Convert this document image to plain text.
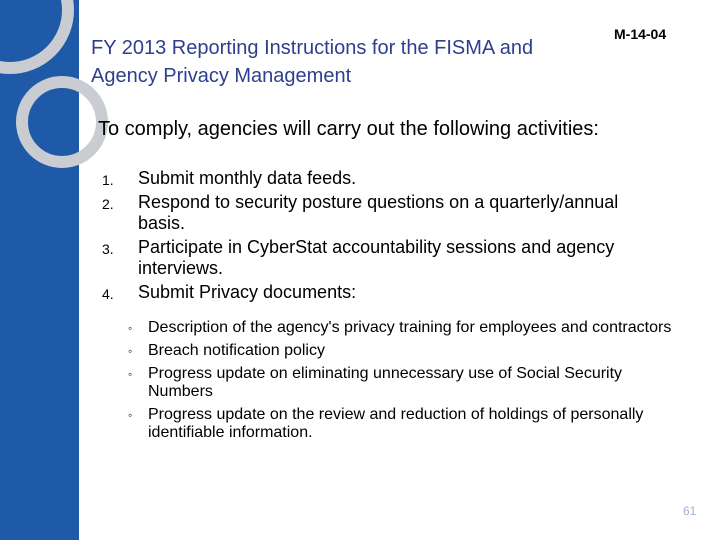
FY 2013 Reporting Instructions for the FISMA and Agency Privacy Management
M-14-04
To comply, agencies will carry out the following activities:
1. Submit monthly data feeds.
2. Respond to security posture questions on a quarterly/annual basis.
3. Participate in CyberStat accountability sessions and agency interviews.
4. Submit Privacy documents:
◦ Description of the agency's privacy training for employees and contractors
◦ Breach notification policy
◦ Progress update on eliminating unnecessary use of Social Security Numbers
◦ Progress update on the review and reduction of holdings of personally identifiable information.
61
